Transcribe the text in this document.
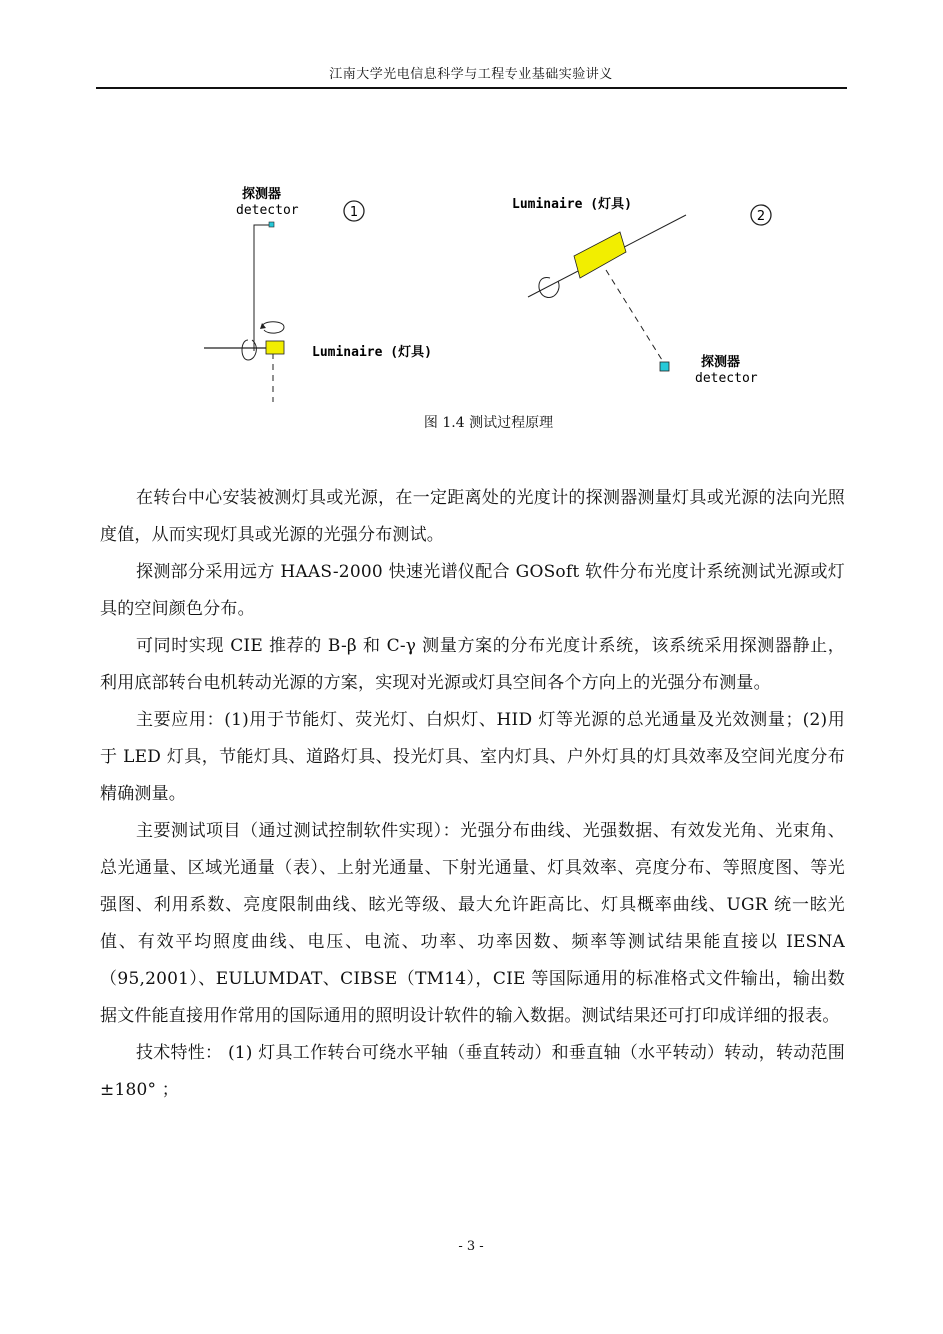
江南大学光电信息科学与工程专业基础实验讲义
探测器
detector	1
Luminaire (灯具)
Luminaire (灯具)
2
探测器
detector
图 1.4 测试过程原理

在转台中心安装被测灯具或光源，在一定距离处的光度计的探测器测量灯具或光源的法向光照度值，从而实现灯具或光源的光强分布测试。

探测部分采用远方 HAAS-2000 快速光谱仪配合 GOSoft 软件分布光度计系统测试光源或灯具的空间颜色分布。

可同时实现 CIE 推荐的 B-β 和 C-γ 测量方案的分布光度计系统，该系统采用探测器静止，利用底部转台电机转动光源的方案，实现对光源或灯具空间各个方向上的光强分布测量。

主要应用：(1)用于节能灯、荧光灯、白炽灯、HID 灯等光源的总光通量及光效测量；(2)用于 LED 灯具，节能灯具、道路灯具、投光灯具、室内灯具、户外灯具的灯具效率及空间光度分布精确测量。

主要测试项目（通过测试控制软件实现）：光强分布曲线、光强数据、有效发光角、光束角、总光通量、区域光通量（表）、上射光通量、下射光通量、灯具效率、亮度分布、等照度图、等光强图、利用系数、亮度限制曲线、眩光等级、最大允许距高比、灯具概率曲线、UGR 统一眩光值、有效平均照度曲线、电压、电流、功率、功率因数、频率等测试结果能直接以 IESNA（95,2001）、EULUMDAT、CIBSE（TM14），CIE 等国际通用的标准格式文件输出，输出数据文件能直接用作常用的国际通用的照明设计软件的输入数据。测试结果还可打印成详细的报表。

技术特性： (1) 灯具工作转台可绕水平轴（垂直转动）和垂直轴（水平转动）转动，转动范围±180° ；

- 3 -
